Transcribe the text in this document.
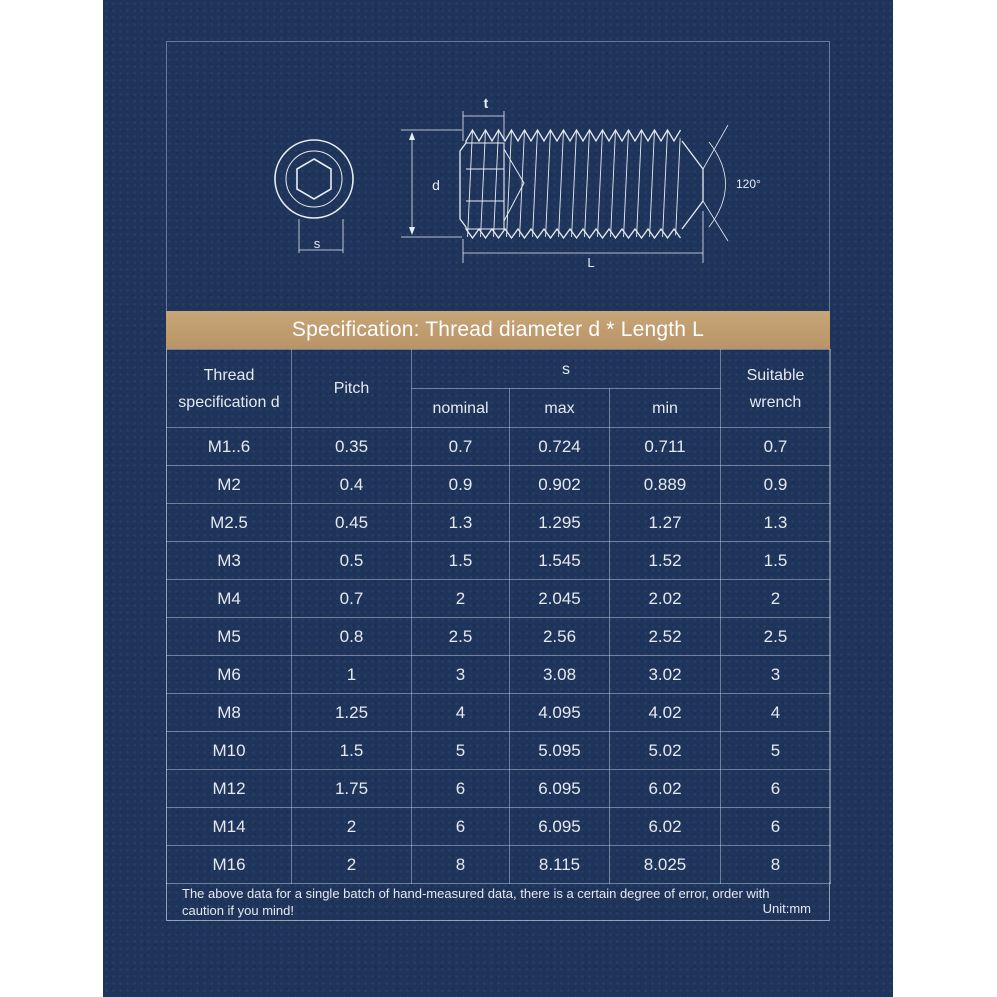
s
t
d
L
120°
Specification: Thread diameter d * Length L
Thread specification d	Pitch	s			Suitable wrench
		nominal	max	min	
M1..6	0.35	0.7	0.724	0.711	0.7
M2	0.4	0.9	0.902	0.889	0.9
M2.5	0.45	1.3	1.295	1.27	1.3
M3	0.5	1.5	1.545	1.52	1.5
M4	0.7	2	2.045	2.02	2
M5	0.8	2.5	2.56	2.52	2.5
M6	1	3	3.08	3.02	3
M8	1.25	4	4.095	4.02	4
M10	1.5	5	5.095	5.02	5
M12	1.75	6	6.095	6.02	6
M14	2	6	6.095	6.02	6
M16	2	8	8.115	8.025	8
The above data for a single batch of hand-measured data, there is a certain degree of error, order with caution if you mind!	Unit:mm
